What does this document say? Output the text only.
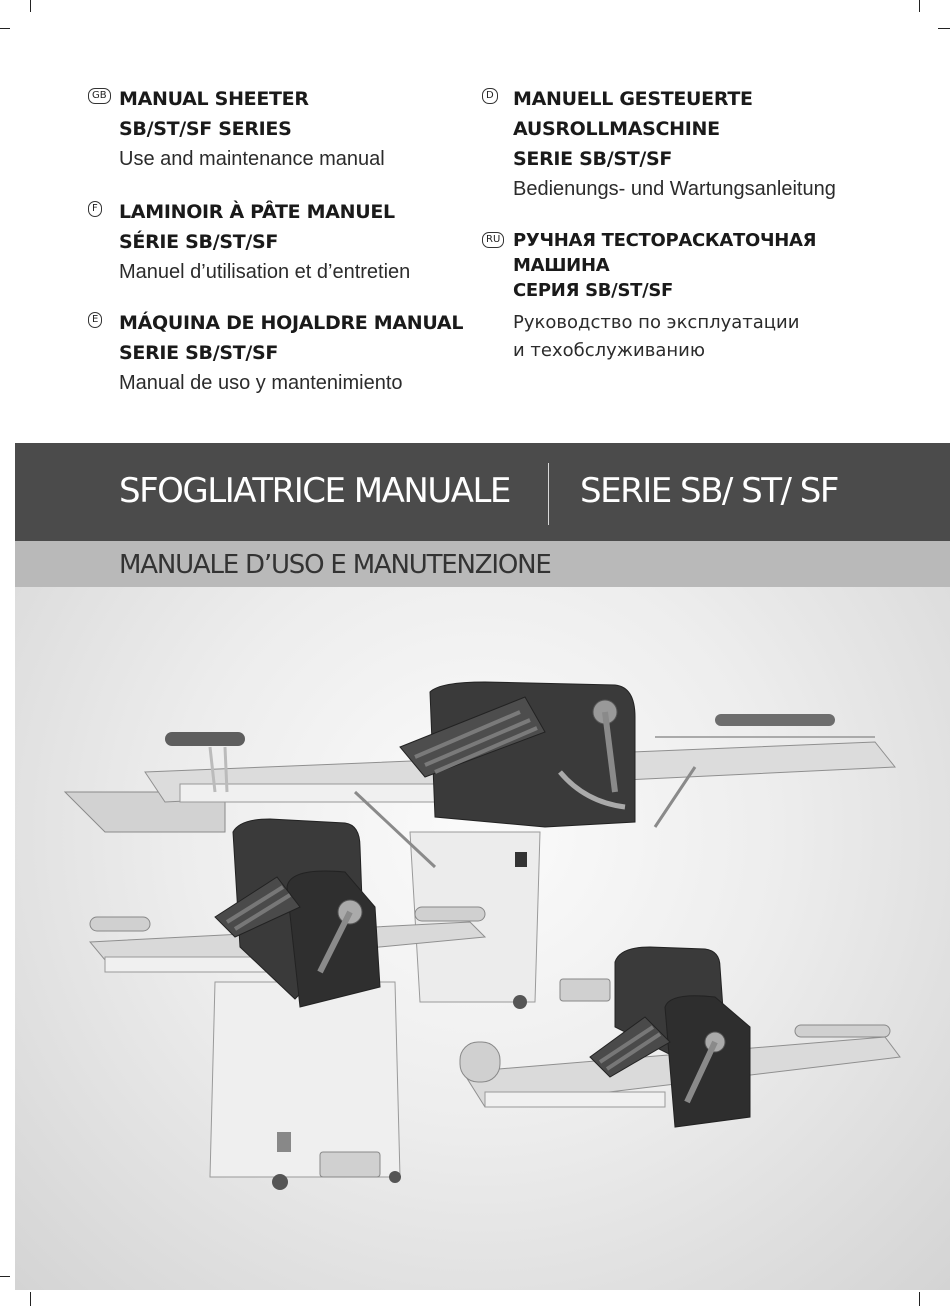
GB MANUAL SHEETER
SB/ST/SF SERIES
Use and maintenance manual
F LAMINOIR À PÂTE MANUEL
SÉRIE SB/ST/SF
Manuel d’utilisation et d’entretien
E MÁQUINA DE HOJALDRE MANUAL
SERIE SB/ST/SF
Manual de uso y mantenimiento
D MANUELL GESTEUERTE
AUSROLLMASCHINE
SERIE SB/ST/SF
Bedienungs- und Wartungsanleitung
RU РУЧНАЯ ТЕСТОРАСКАТОЧНАЯ
МАШИНА
СЕРИЯ SB/ST/SF
Руководство по эксплуатации
и техобслуживанию
SFOGLIATRICE MANUALE SERIE SB/ ST/ SF
MANUALE D’USO E MANUTENZIONE
